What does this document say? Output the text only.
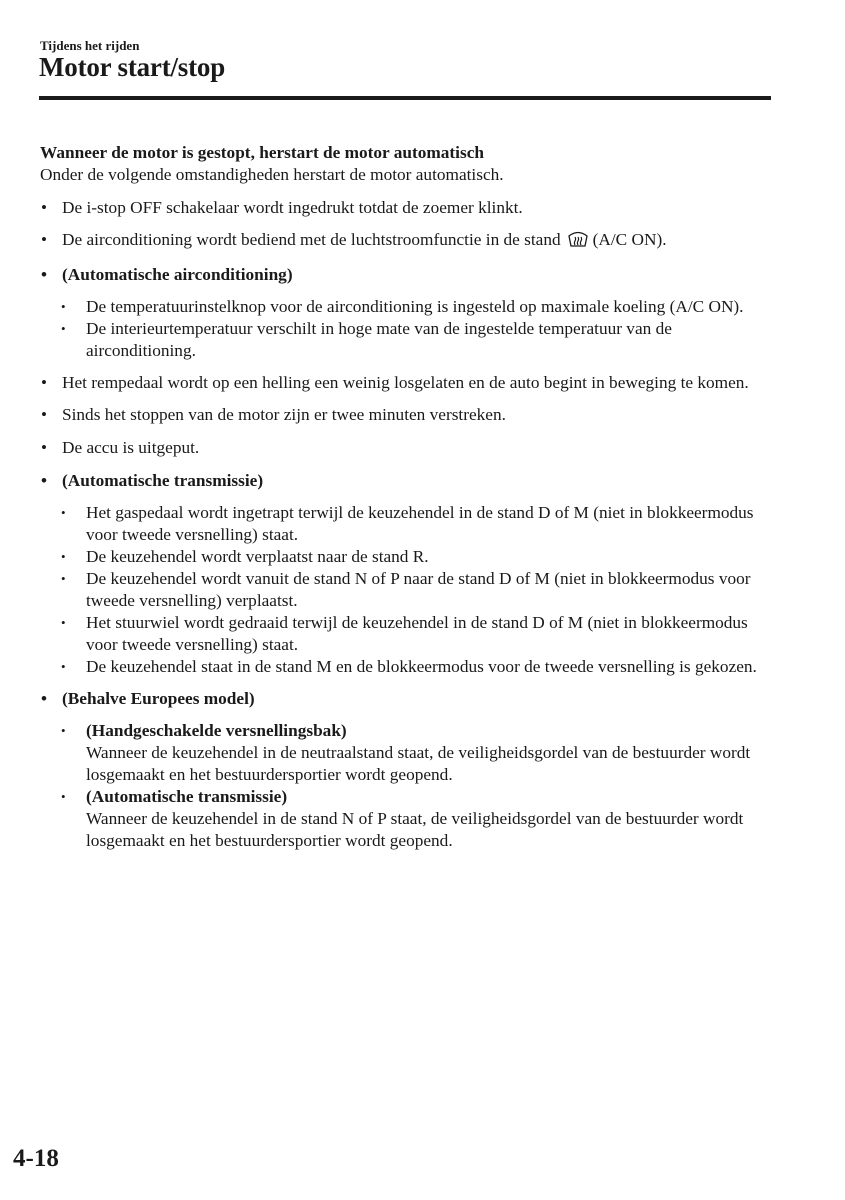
Tijdens het rijden
Motor start/stop
Wanneer de motor is gestopt, herstart de motor automatisch
Onder de volgende omstandigheden herstart de motor automatisch.
• De i-stop OFF schakelaar wordt ingedrukt totdat de zoemer klinkt.
• De airconditioning wordt bediend met de luchtstroomfunctie in de stand (A/C ON).
• (Automatische airconditioning)
• De temperatuurinstelknop voor de airconditioning is ingesteld op maximale koeling (A/C ON).
• De interieurtemperatuur verschilt in hoge mate van de ingestelde temperatuur van de airconditioning.
• Het rempedaal wordt op een helling een weinig losgelaten en de auto begint in beweging te komen.
• Sinds het stoppen van de motor zijn er twee minuten verstreken.
• De accu is uitgeput.
• (Automatische transmissie)
• Het gaspedaal wordt ingetrapt terwijl de keuzehendel in de stand D of M (niet in blokkeermodus voor tweede versnelling) staat.
• De keuzehendel wordt verplaatst naar de stand R.
• De keuzehendel wordt vanuit de stand N of P naar de stand D of M (niet in blokkeermodus voor tweede versnelling) verplaatst.
• Het stuurwiel wordt gedraaid terwijl de keuzehendel in de stand D of M (niet in blokkeermodus voor tweede versnelling) staat.
• De keuzehendel staat in de stand M en de blokkeermodus voor de tweede versnelling is gekozen.
• (Behalve Europees model)
• (Handgeschakelde versnellingsbak)
Wanneer de keuzehendel in de neutraalstand staat, de veiligheidsgordel van de bestuurder wordt losgemaakt en het bestuurdersportier wordt geopend.
• (Automatische transmissie)
Wanneer de keuzehendel in de stand N of P staat, de veiligheidsgordel van de bestuurder wordt losgemaakt en het bestuurdersportier wordt geopend.
4-18
